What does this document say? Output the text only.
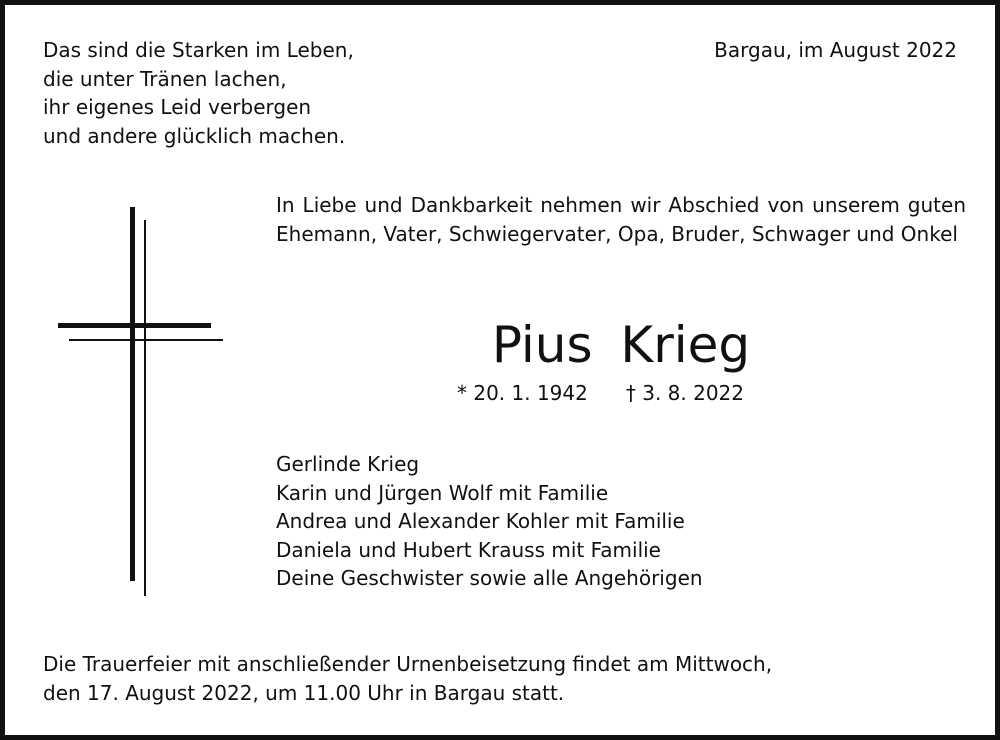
Das sind die Starken im Leben,
die unter Tränen lachen,
ihr eigenes Leid verbergen
und andere glücklich machen.
Bargau, im August 2022
In Liebe und Dankbarkeit nehmen wir Abschied von unserem guten Ehemann, Vater, Schwiegervater, Opa, Bruder, Schwager und Onkel
Pius Krieg
* 20. 1. 1942 † 3. 8. 2022
Gerlinde Krieg
Karin und Jürgen Wolf mit Familie
Andrea und Alexander Kohler mit Familie
Daniela und Hubert Krauss mit Familie
Deine Geschwister sowie alle Angehörigen
Die Trauerfeier mit anschließender Urnenbeisetzung findet am Mittwoch,
den 17. August 2022, um 11.00 Uhr in Bargau statt.
